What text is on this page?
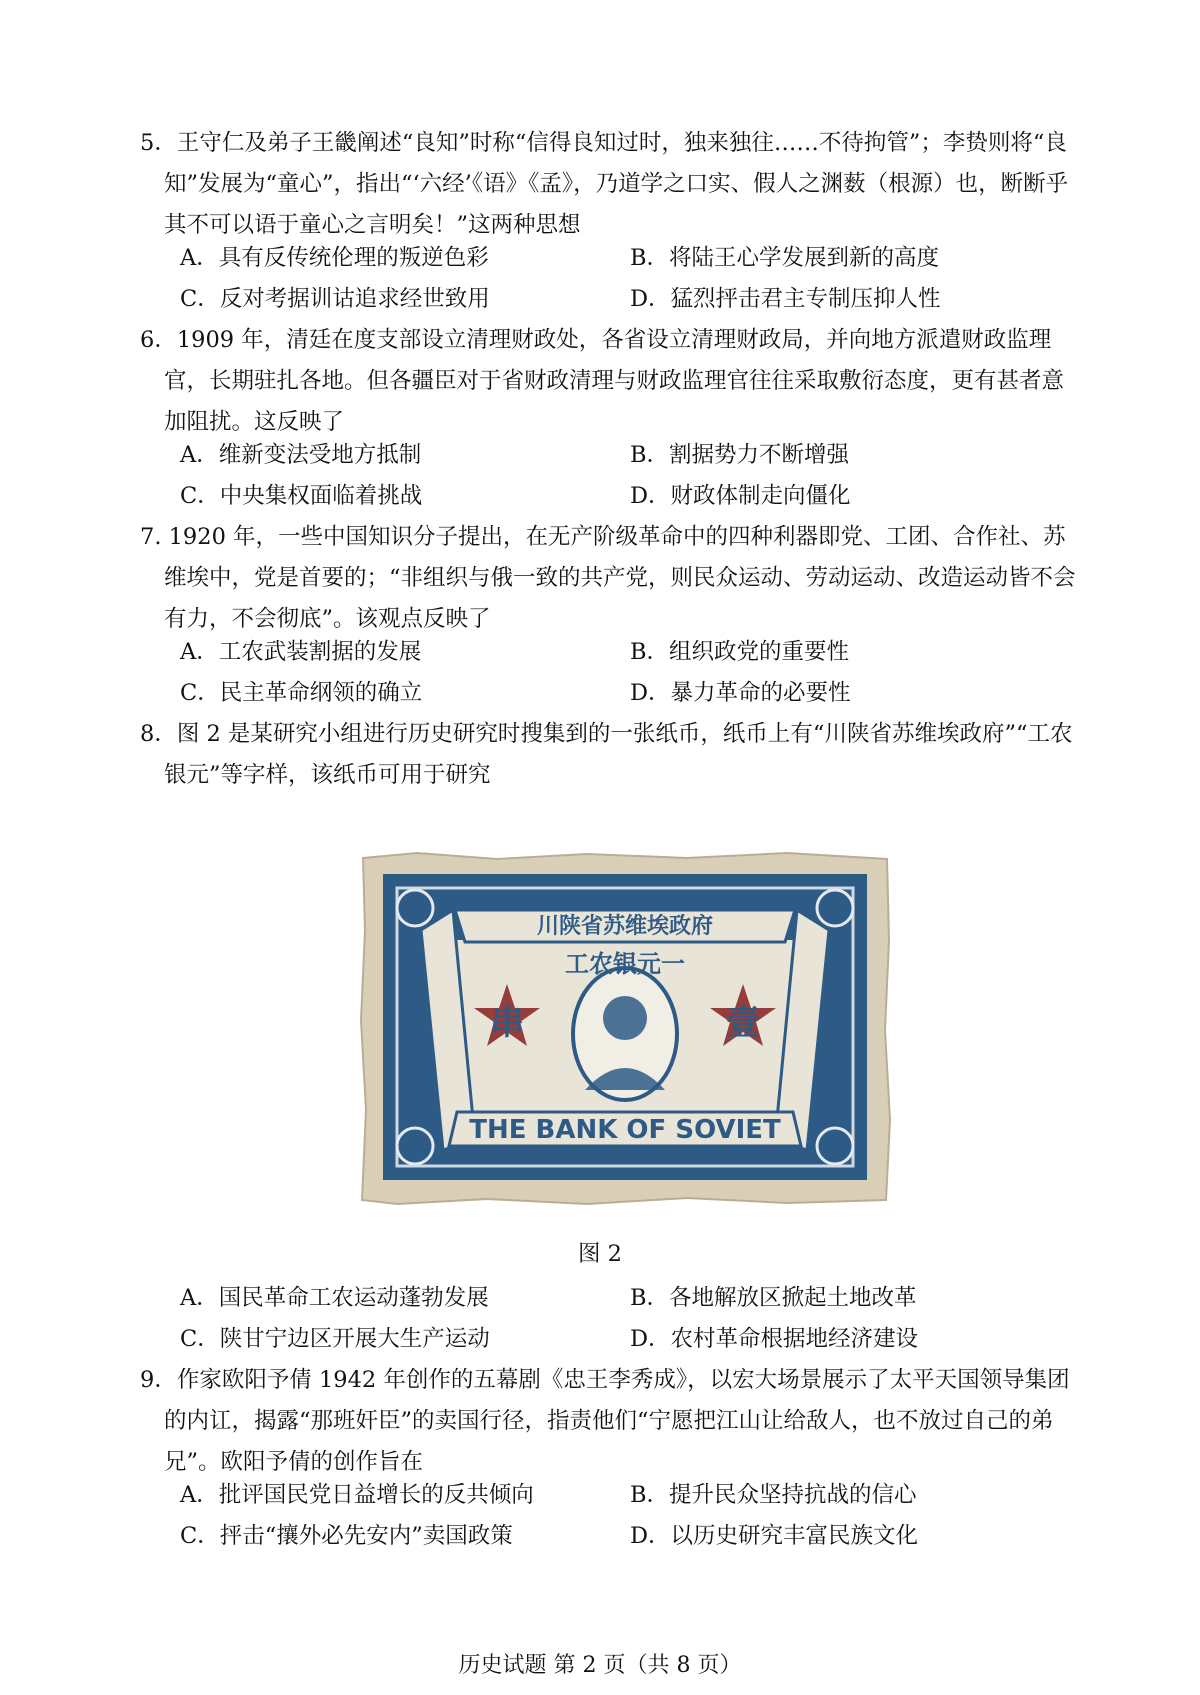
5．王守仁及弟子王畿阐述“良知”时称“信得良知过时，独来独往……不待拘管”；李贽则将“良知”发展为“童心”，指出“‘六经’《语》《孟》，乃道学之口实、假人之渊薮（根源）也，断断乎其不可以语于童心之言明矣！”这两种思想

A．具有反传统伦理的叛逆色彩	B．将陆王心学发展到新的高度
C．反对考据训诂追求经世致用	D．猛烈抨击君主专制压抑人性

6．1909 年，清廷在度支部设立清理财政处，各省设立清理财政局，并向地方派遣财政监理官，长期驻扎各地。但各疆臣对于省财政清理与财政监理官往往采取敷衍态度，更有甚者意加阻扰。这反映了

A．维新变法受地方抵制	B．割据势力不断增强
C．中央集权面临着挑战	D．财政体制走向僵化

7. 1920 年，一些中国知识分子提出，在无产阶级革命中的四种利器即党、工团、合作社、苏维埃中，党是首要的；“非组织与俄一致的共产党，则民众运动、劳动运动、改造运动皆不会有力，不会彻底”。该观点反映了

A．工农武装割据的发展	B．组织政党的重要性
C．民主革命纲领的确立	D．暴力革命的必要性

8．图 2 是某研究小组进行历史研究时搜集到的一张纸币，纸币上有“川陕省苏维埃政府”“工农银元”等字样，该纸币可用于研究

川陕省苏维埃政府
工农银元一
串	壹
THE BANK OF SOVIET
图 2
A．国民革命工农运动蓬勃发展	B．各地解放区掀起土地改革
C．陕甘宁边区开展大生产运动	D．农村革命根据地经济建设

9．作家欧阳予倩 1942 年创作的五幕剧《忠王李秀成》，以宏大场景展示了太平天国领导集团的内讧，揭露“那班奸臣”的卖国行径，指责他们“宁愿把江山让给敌人，也不放过自己的弟兄”。欧阳予倩的创作旨在

A．批评国民党日益增长的反共倾向	B．提升民众坚持抗战的信心
C．抨击“攘外必先安内”卖国政策	D．以历史研究丰富民族文化
历史试题 第 2 页（共 8 页）
